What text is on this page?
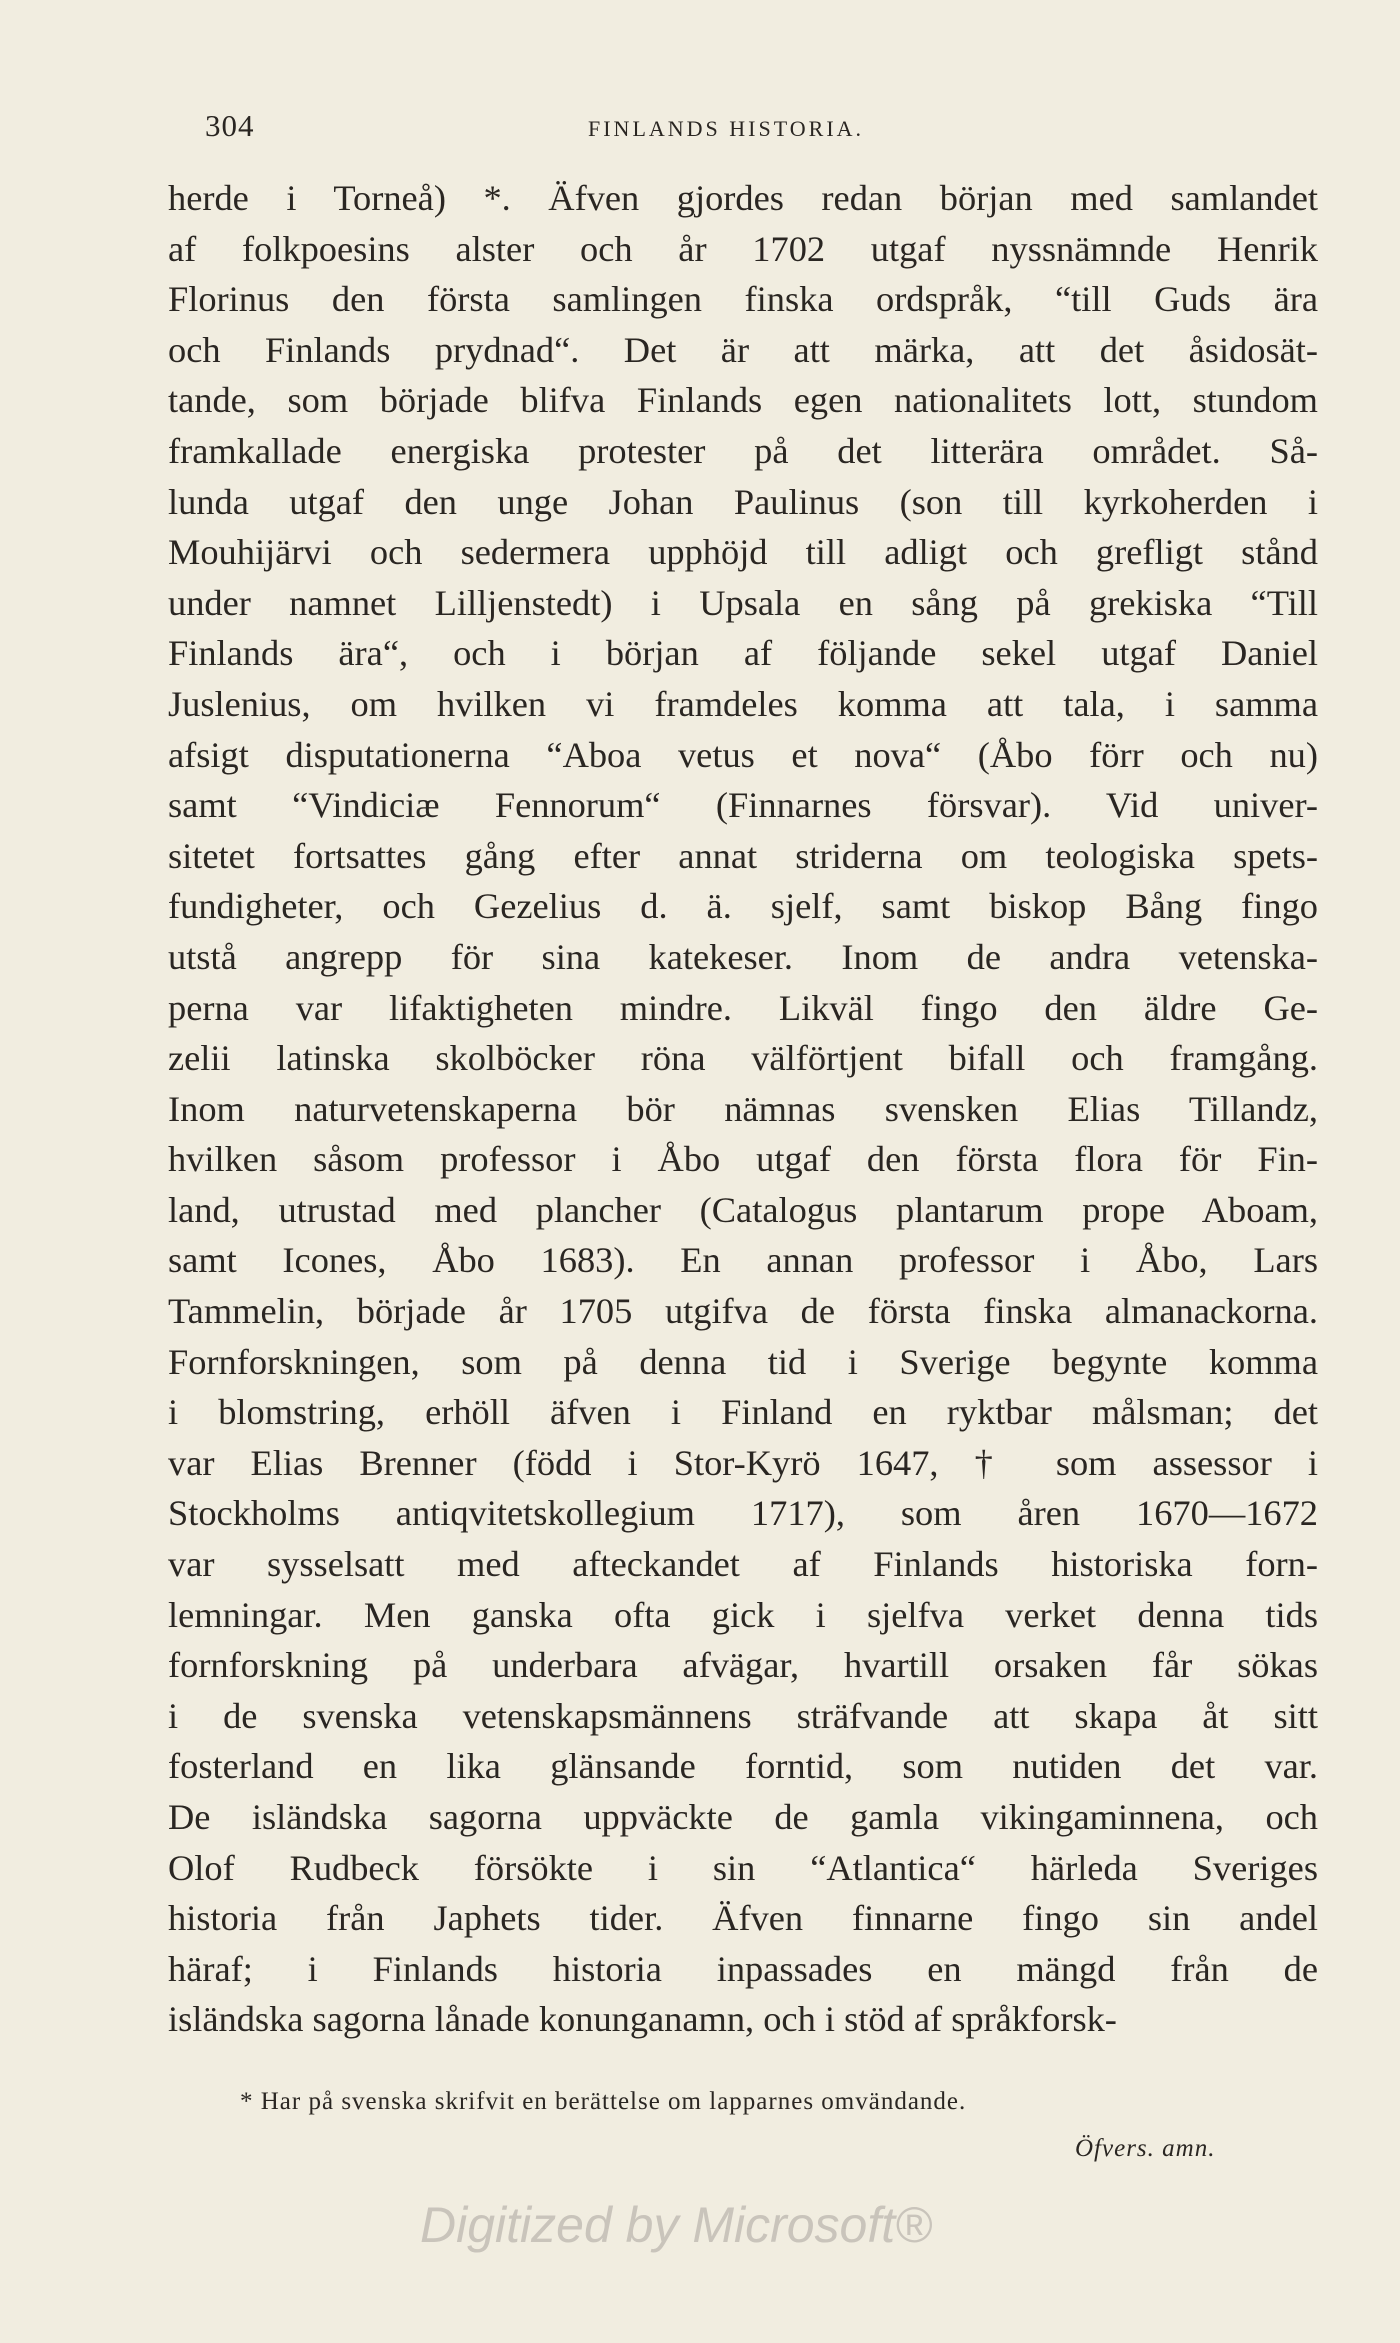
304	FINLANDS HISTORIA.
herde i Torneå) *. Äfven gjordes redan början med samlandet
af folkpoesins alster och år 1702 utgaf nyssnämnde Henrik
Florinus den första samlingen finska ordspråk, “till Guds ära
och Finlands prydnad“. Det är att märka, att det åsidosät-
tande, som började blifva Finlands egen nationalitets lott, stundom
framkallade energiska protester på det litterära området. Så-
lunda utgaf den unge Johan Paulinus (son till kyrkoherden i
Mouhijärvi och sedermera upphöjd till adligt och grefligt stånd
under namnet Lilljenstedt) i Upsala en sång på grekiska “Till
Finlands ära“, och i början af följande sekel utgaf Daniel
Juslenius, om hvilken vi framdeles komma att tala, i samma
afsigt disputationerna “Aboa vetus et nova“ (Åbo förr och nu)
samt “Vindiciæ Fennorum“ (Finnarnes försvar). Vid univer-
sitetet fortsattes gång efter annat striderna om teologiska spets-
fundigheter, och Gezelius d. ä. sjelf, samt biskop Bång fingo
utstå angrepp för sina katekeser. Inom de andra vetenska-
perna var lifaktigheten mindre. Likväl fingo den äldre Ge-
zelii latinska skolböcker röna välförtjent bifall och framgång.
Inom naturvetenskaperna bör nämnas svensken Elias Tillandz,
hvilken såsom professor i Åbo utgaf den första flora för Fin-
land, utrustad med plancher (Catalogus plantarum prope Aboam,
samt Icones, Åbo 1683). En annan professor i Åbo, Lars
Tammelin, började år 1705 utgifva de första finska almanackorna.
Fornforskningen, som på denna tid i Sverige begynte komma
i blomstring, erhöll äfven i Finland en ryktbar målsman; det
var Elias Brenner (född i Stor-Kyrö 1647, † som assessor i
Stockholms antiqvitetskollegium 1717), som åren 1670—1672
var sysselsatt med afteckandet af Finlands historiska forn-
lemningar. Men ganska ofta gick i sjelfva verket denna tids
fornforskning på underbara afvägar, hvartill orsaken får sökas
i de svenska vetenskapsmännens sträfvande att skapa åt sitt
fosterland en lika glänsande forntid, som nutiden det var.
De isländska sagorna uppväckte de gamla vikingaminnena, och
Olof Rudbeck försökte i sin “Atlantica“ härleda Sveriges
historia från Japhets tider. Äfven finnarne fingo sin andel
häraf; i Finlands historia inpassades en mängd från de
isländska sagorna lånade konunganamn, och i stöd af språkforsk-
* Har på svenska skrifvit en berättelse om lapparnes omvändande.
Öfvers. amn.
Digitized by Microsoft®
